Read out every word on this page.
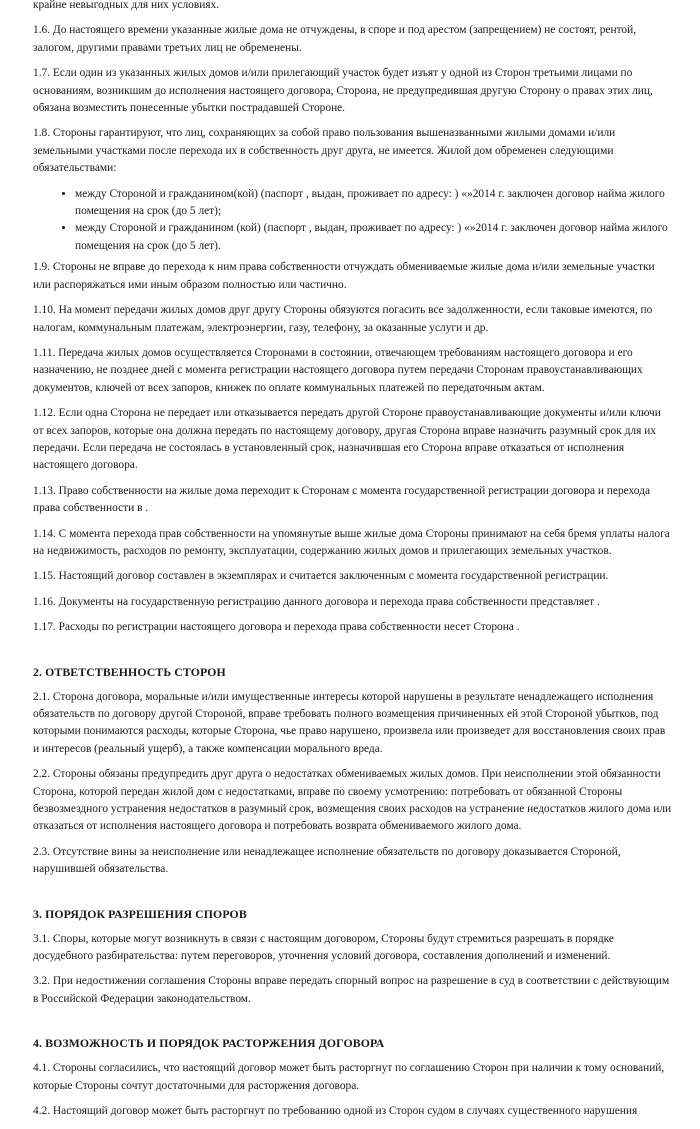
крайне невыгодных для них условиях.

1.6. До настоящего времени указанные жилые дома не отчуждены, в споре и под арестом (запрещением) не состоят, рентой, залогом, другими правами третьих лиц не обременены.

1.7. Если один из указанных жилых домов и/или прилегающий участок будет изъят у одной из Сторон третьими лицами по основаниям, возникшим до исполнения настоящего договора, Сторона, не предупредившая другую Сторону о правах этих лиц, обязана возместить понесенные убытки пострадавшей Стороне.

1.8. Стороны гарантируют, что лиц, сохраняющих за собой право пользования вышеназванными жилыми домами и/или земельными участками после перехода их в собственность друг друга, не имеется. Жилой дом обременен следующими обязательствами:

• между Стороной и гражданином(кой) (паспорт , выдан, проживает по адресу: ) «»2014 г. заключен договор найма жилого помещения на срок (до 5 лет);
• между Стороной и гражданином (кой) (паспорт , выдан, проживает по адресу: ) «»2014 г. заключен договор найма жилого помещения на срок (до 5 лет).

1.9. Стороны не вправе до перехода к ним права собственности отчуждать обмениваемые жилые дома и/или земельные участки или распоряжаться ими иным образом полностью или частично.

1.10. На момент передачи жилых домов друг другу Стороны обязуются погасить все задолженности, если таковые имеются, по налогам, коммунальным платежам, электроэнергии, газу, телефону, за оказанные услуги и др.

1.11. Передача жилых домов осуществляется Сторонами в состоянии, отвечающем требованиям настоящего договора и его назначению, не позднее дней с момента регистрации настоящего договора путем передачи Сторонам правоустанавливающих документов, ключей от всех запоров, книжек по оплате коммунальных платежей по передаточным актам.

1.12. Если одна Сторона не передает или отказывается передать другой Стороне правоустанавливающие документы и/или ключи от всех запоров, которые она должна передать по настоящему договору, другая Сторона вправе назначить разумный срок для их передачи. Если передача не состоялась в установленный срок, назначившая его Сторона вправе отказаться от исполнения настоящего договора.

1.13. Право собственности на жилые дома переходит к Сторонам с момента государственной регистрации договора и перехода права собственности в .

1.14. С момента перехода прав собственности на упомянутые выше жилые дома Стороны принимают на себя бремя уплаты налога на недвижимость, расходов по ремонту, эксплуатации, содержанию жилых домов и прилегающих земельных участков.

1.15. Настоящий договор составлен в экземплярах и считается заключенным с момента государственной регистрации.

1.16. Документы на государственную регистрацию данного договора и перехода права собственности представляет .

1.17. Расходы по регистрации настоящего договора и перехода права собственности несет Сторона .

2. ОТВЕТСТВЕННОСТЬ СТОРОН

2.1. Сторона договора, моральные и/или имущественные интересы которой нарушены в результате ненадлежащего исполнения обязательств по договору другой Стороной, вправе требовать полного возмещения причиненных ей этой Стороной убытков, под которыми понимаются расходы, которые Сторона, чье право нарушено, произвела или произведет для восстановления своих прав и интересов (реальный ущерб), а также компенсации морального вреда.

2.2. Стороны обязаны предупредить друг друга о недостатках обмениваемых жилых домов. При неисполнении этой обязанности Сторона, которой передан жилой дом с недостатками, вправе по своему усмотрению: потребовать от обязанной Стороны безвозмездного устранения недостатков в разумный срок, возмещения своих расходов на устранение недостатков жилого дома или отказаться от исполнения настоящего договора и потребовать возврата обмениваемого жилого дома.

2.3. Отсутствие вины за неисполнение или ненадлежащее исполнение обязательств по договору доказывается Стороной, нарушившей обязательства.

3. ПОРЯДОК РАЗРЕШЕНИЯ СПОРОВ

3.1. Споры, которые могут возникнуть в связи с настоящим договором, Стороны будут стремиться разрешать в порядке досудебного разбирательства: путем переговоров, уточнения условий договора, составления дополнений и изменений.

3.2. При недостижении соглашения Стороны вправе передать спорный вопрос на разрешение в суд в соответствии с действующим в Российской Федерации законодательством.

4. ВОЗМОЖНОСТЬ И ПОРЯДОК РАСТОРЖЕНИЯ ДОГОВОРА

4.1. Стороны согласились, что настоящий договор может быть расторгнут по соглашению Сторон при наличии к тому оснований, которые Стороны сочтут достаточными для расторжения договора.

4.2. Настоящий договор может быть расторгнут по требованию одной из Сторон судом в случаях существенного нарушения
